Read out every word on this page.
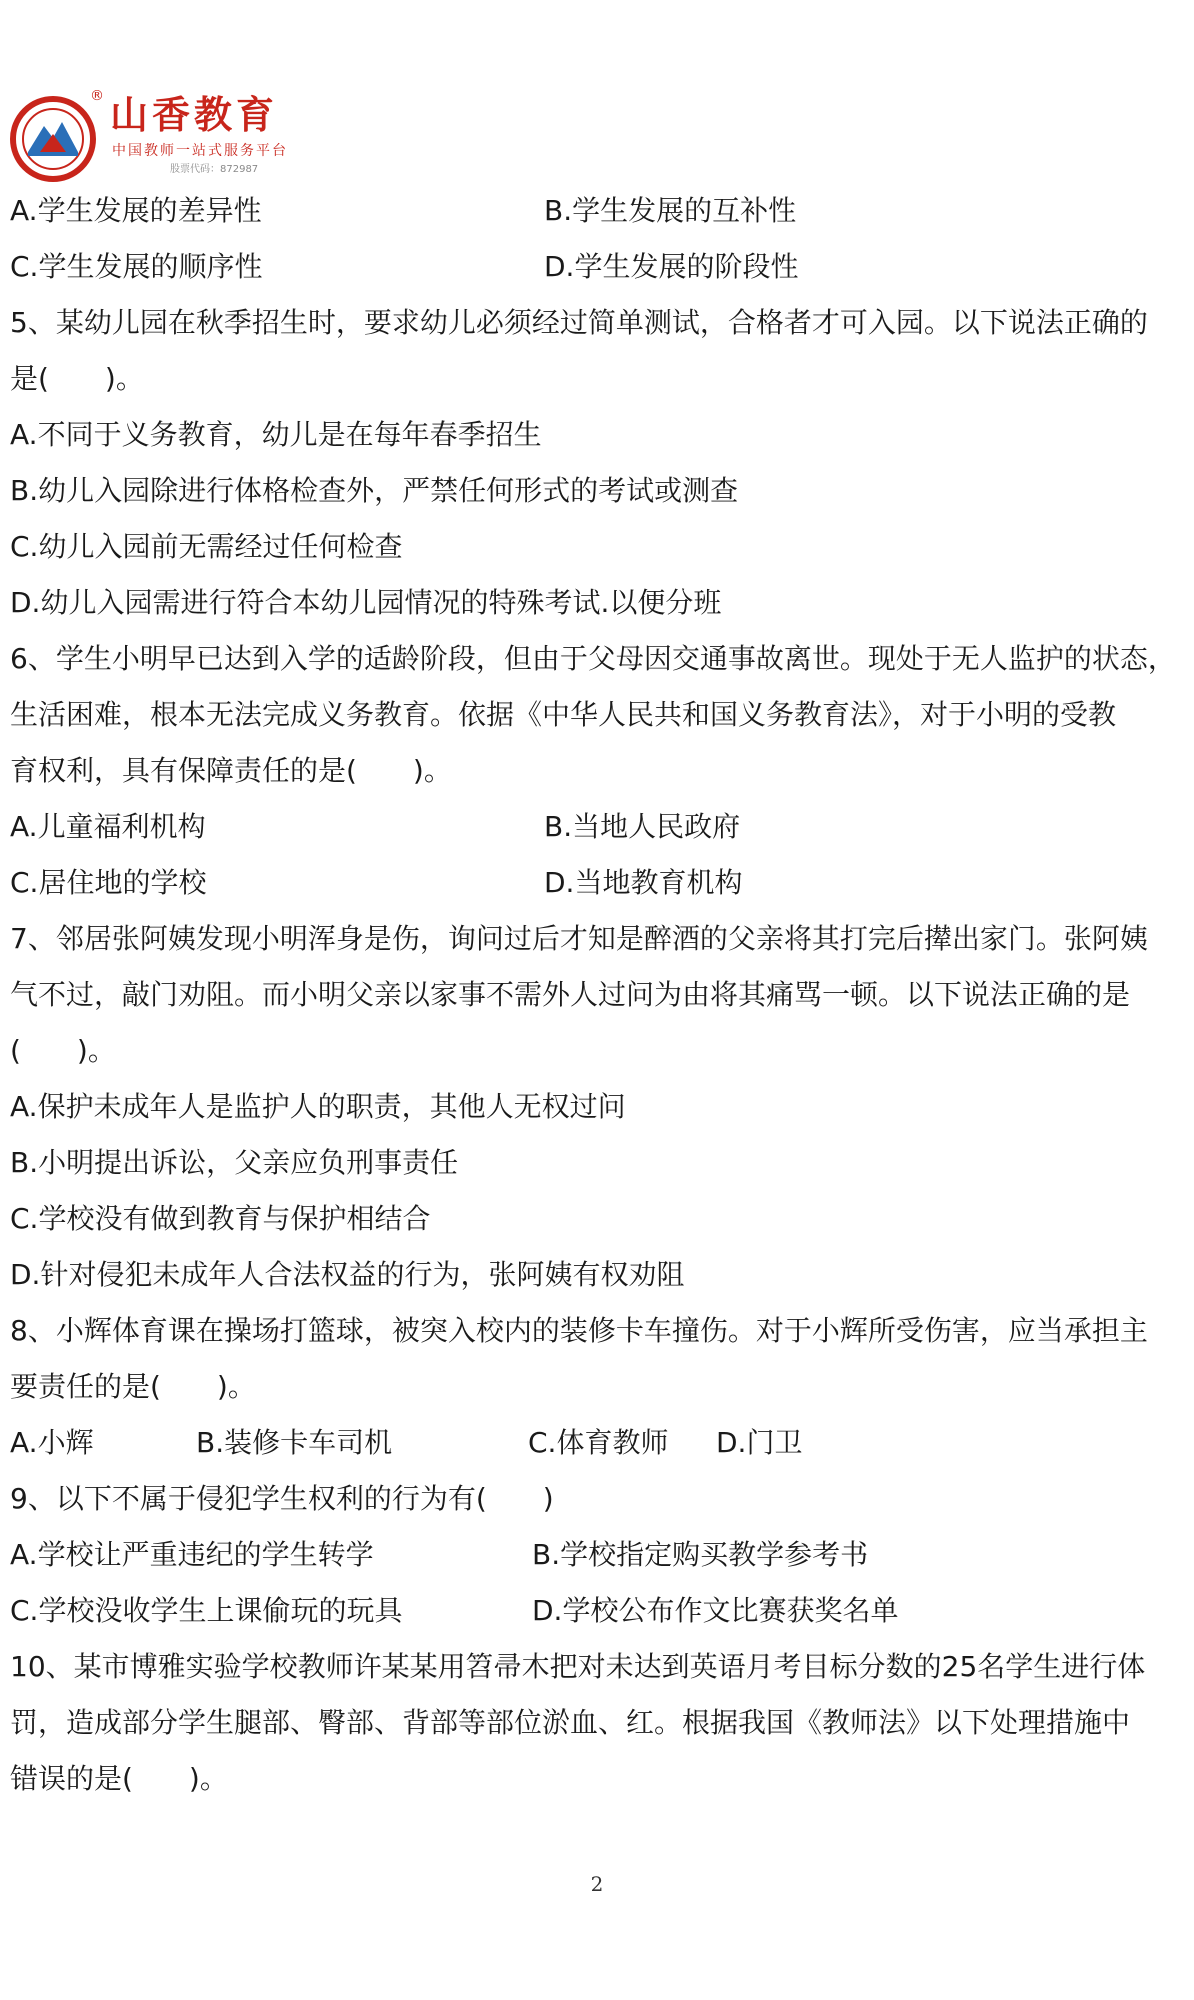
® 山香教育
中国教师一站式服务平台
股票代码：872987
A.学生发展的差异性	B.学生发展的互补性
C.学生发展的顺序性	D.学生发展的阶段性
5、某幼儿园在秋季招生时，要求幼儿必须经过简单测试，合格者才可入园。以下说法正确的
是(　　)。
A.不同于义务教育，幼儿是在每年春季招生
B.幼儿入园除进行体格检查外，严禁任何形式的考试或测查
C.幼儿入园前无需经过任何检查
D.幼儿入园需进行符合本幼儿园情况的特殊考试.以便分班
6、学生小明早已达到入学的适龄阶段，但由于父母因交通事故离世。现处于无人监护的状态，
生活困难，根本无法完成义务教育。依据《中华人民共和国义务教育法》，对于小明的受教
育权利，具有保障责任的是(　　)。
A.儿童福利机构	B.当地人民政府
C.居住地的学校	D.当地教育机构
7、邻居张阿姨发现小明浑身是伤，询问过后才知是醉酒的父亲将其打完后撵出家门。张阿姨
气不过，敲门劝阻。而小明父亲以家事不需外人过问为由将其痛骂一顿。以下说法正确的是
(　　)。
A.保护未成年人是监护人的职责，其他人无权过问
B.小明提出诉讼，父亲应负刑事责任
C.学校没有做到教育与保护相结合
D.针对侵犯未成年人合法权益的行为，张阿姨有权劝阻
8、小辉体育课在操场打篮球，被突入校内的装修卡车撞伤。对于小辉所受伤害，应当承担主
要责任的是(　　)。
A.小辉	B.装修卡车司机	C.体育教师 D.门卫
9、以下不属于侵犯学生权利的行为有(　　)
A.学校让严重违纪的学生转学	B.学校指定购买教学参考书
C.学校没收学生上课偷玩的玩具	D.学校公布作文比赛获奖名单
10、某市博雅实验学校教师许某某用笤帚木把对未达到英语月考目标分数的25名学生进行体
罚，造成部分学生腿部、臀部、背部等部位淤血、红。根据我国《教师法》以下处理措施中
错误的是(　　)。
2
